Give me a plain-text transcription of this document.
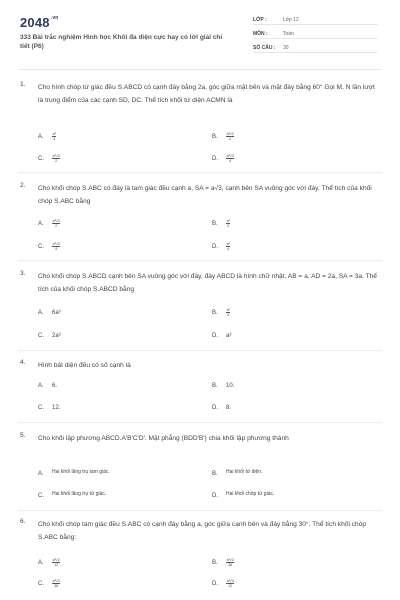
$2048^{.vn}$
333 Bài trắc nghiệm Hình học Khối đa diện cực hay có lời giải chi tiết (P6)
LỚP :	Lớp 12
MÔN :	Toán
SỐ CÂU : 30
1. Cho hình chóp tứ giác đều S.ABCD có cạnh đáy bằng 2a, góc giữa mặt bên và mặt đáy bằng 60° Gọi M, N lần lượt là trung điểm của các cạnh SD, DC. Thể tích khối tứ diện ACMN là
A. $\frac{\text{a³}}{4}$	B. $\frac{\text{a³√2}}{2}$
C. $\frac{\text{a³√3}}{2}$	D. $\frac{\text{a³√3}}{4}$
2. Cho khối chóp S.ABC có đáy là tam giác đều cạnh a, SA = a√3, cạnh bên SA vuông góc với đáy. Thể tích của khối chóp S.ABC bằng
A. $\frac{\text{a³√3}}{2}$	B. $\frac{\text{a³}}{2}$
C. $\frac{\text{a³√3}}{4}$	D. $\frac{\text{a³}}{4}$
3. Cho khối chóp S.ABCD cạnh bên SA vuông góc với đáy, đáy ABCD là hình chữ nhật, AB = a, AD = 2a, SA = 3a. Thể tích của khối chóp S.ABCD bằng
A. 6a³	B. $\frac{\text{a³}}{3}$
C. 2a³	D. a³
4. Hình bát diện đều có số cạnh là
A. 6.	B. 10.
C. 12.	D. 8.
5. Cho khối lập phương ABCD.A'B'C'D'. Mặt phẳng (BDD'B') chia khối lập phương thành
A. Hai khối lăng trụ tam giác.	B. Hai khối tứ diện.
C. Hai khối lăng trụ tứ giác.	D. Hai khối chóp tứ giác.
6. Cho khối chóp tam giác đều S.ABC có cạnh đáy bằng a, góc giữa cạnh bên và đáy bằng 30°. Thể tích khối chóp S.ABC bằng:
A. $\frac{\text{a³√2}}{12}$	B. $\frac{\text{a³√2}}{36}$
C. $\frac{\text{a³√3}}{36}$	D. $\frac{\text{a³√3}}{12}$
